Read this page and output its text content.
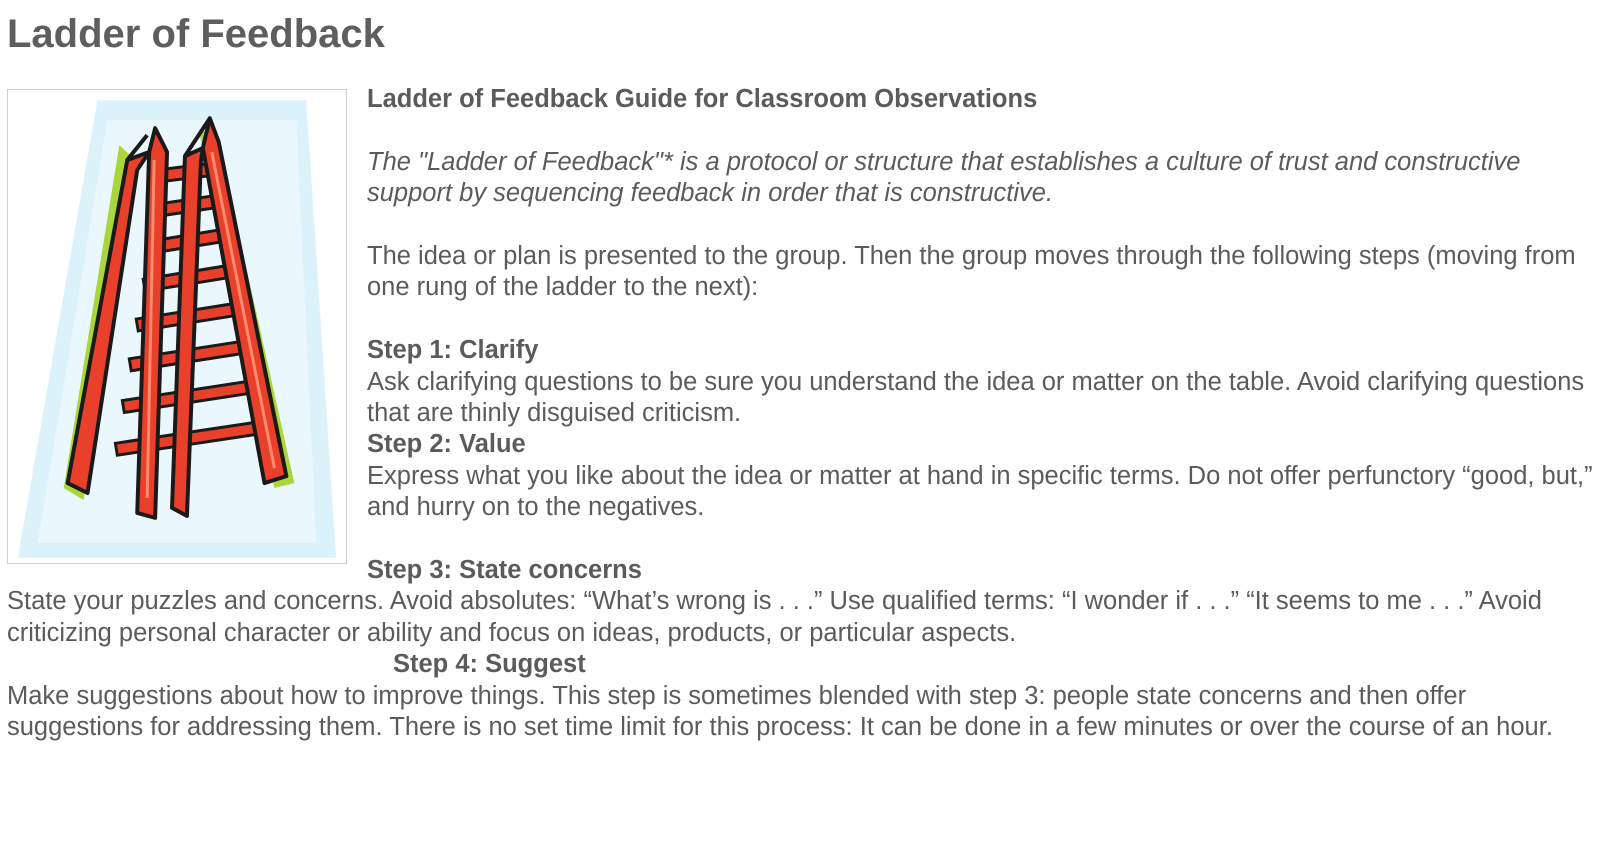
Ladder of Feedback

Ladder of Feedback Guide for Classroom Observations

The "Ladder of Feedback"* is a protocol or structure that establishes a culture of trust and constructive support by sequencing feedback in order that is constructive.

The idea or plan is presented to the group. Then the group moves through the following steps (moving from one rung of the ladder to the next):

Step 1: Clarify

Ask clarifying questions to be sure you understand the idea or matter on the table. Avoid clarifying questions that are thinly disguised criticism.

Step 2: Value

Express what you like about the idea or matter at hand in specific terms. Do not offer perfunctory “good, but,” and hurry on to the negatives.

Step 3: State concerns

State your puzzles and concerns. Avoid absolutes: “What’s wrong is . . .” Use qualified terms: “I wonder if . . .” “It seems to me . . .” Avoid criticizing personal character or ability and focus on ideas, products, or particular aspects.

Step 4: Suggest

Make suggestions about how to improve things. This step is sometimes blended with step 3: people state concerns and then offer suggestions for addressing them. There is no set time limit for this process: It can be done in a few minutes or over the course of an hour.
